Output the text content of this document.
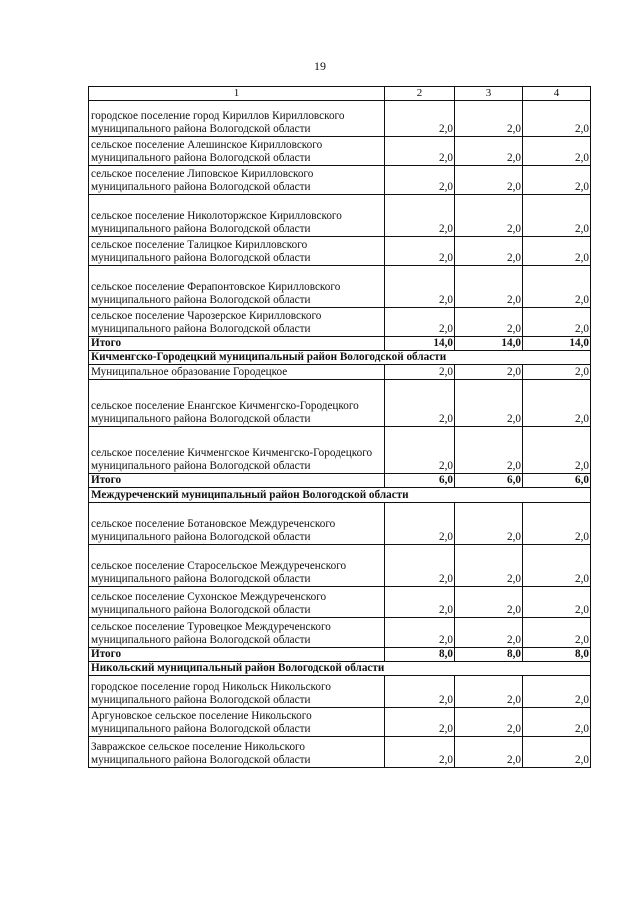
19
1	2	3	4
городское поселение город Кириллов Кирилловского муниципального района Вологодской области	2,0	2,0	2,0
сельское поселение Алешинское Кирилловского муниципального района Вологодской области	2,0	2,0	2,0
сельское поселение Липовское Кирилловского муниципального района Вологодской области	2,0	2,0	2,0
сельское поселение Николоторжское Кирилловского муниципального района Вологодской области	2,0	2,0	2,0
сельское поселение Талицкое Кирилловского муниципального района Вологодской области	2,0	2,0	2,0
сельское поселение Ферапонтовское Кирилловского муниципального района Вологодской области	2,0	2,0	2,0
сельское поселение Чарозерское Кирилловского муниципального района Вологодской области	2,0	2,0	2,0
Итого	14,0	14,0	14,0
Кичменгско-Городецкий муниципальный район Вологодской области			
Муниципальное образование Городецкое	2,0	2,0	2,0
сельское поселение Енангское Кичменгско-Городецкого муниципального района Вологодской области	2,0	2,0	2,0
сельское поселение Кичменгское Кичменгско-Городецкого муниципального района Вологодской области	2,0	2,0	2,0
Итого	6,0	6,0	6,0
Междуреченский муниципальный район Вологодской области			
сельское поселение Ботановское Междуреченского муниципального района Вологодской области	2,0	2,0	2,0
сельское поселение Старосельское Междуреченского муниципального района Вологодской области	2,0	2,0	2,0
сельское поселение Сухонское Междуреченского муниципального района Вологодской области	2,0	2,0	2,0
сельское поселение Туровецкое Междуреченского муниципального района Вологодской области	2,0	2,0	2,0
Итого	8,0	8,0	8,0
Никольский муниципальный район Вологодской области			
городское поселение город Никольск Никольского муниципального района Вологодской области	2,0	2,0	2,0
Аргуновское сельское поселение Никольского муниципального района Вологодской области	2,0	2,0	2,0
Завражское сельское поселение Никольского муниципального района Вологодской области	2,0	2,0	2,0
